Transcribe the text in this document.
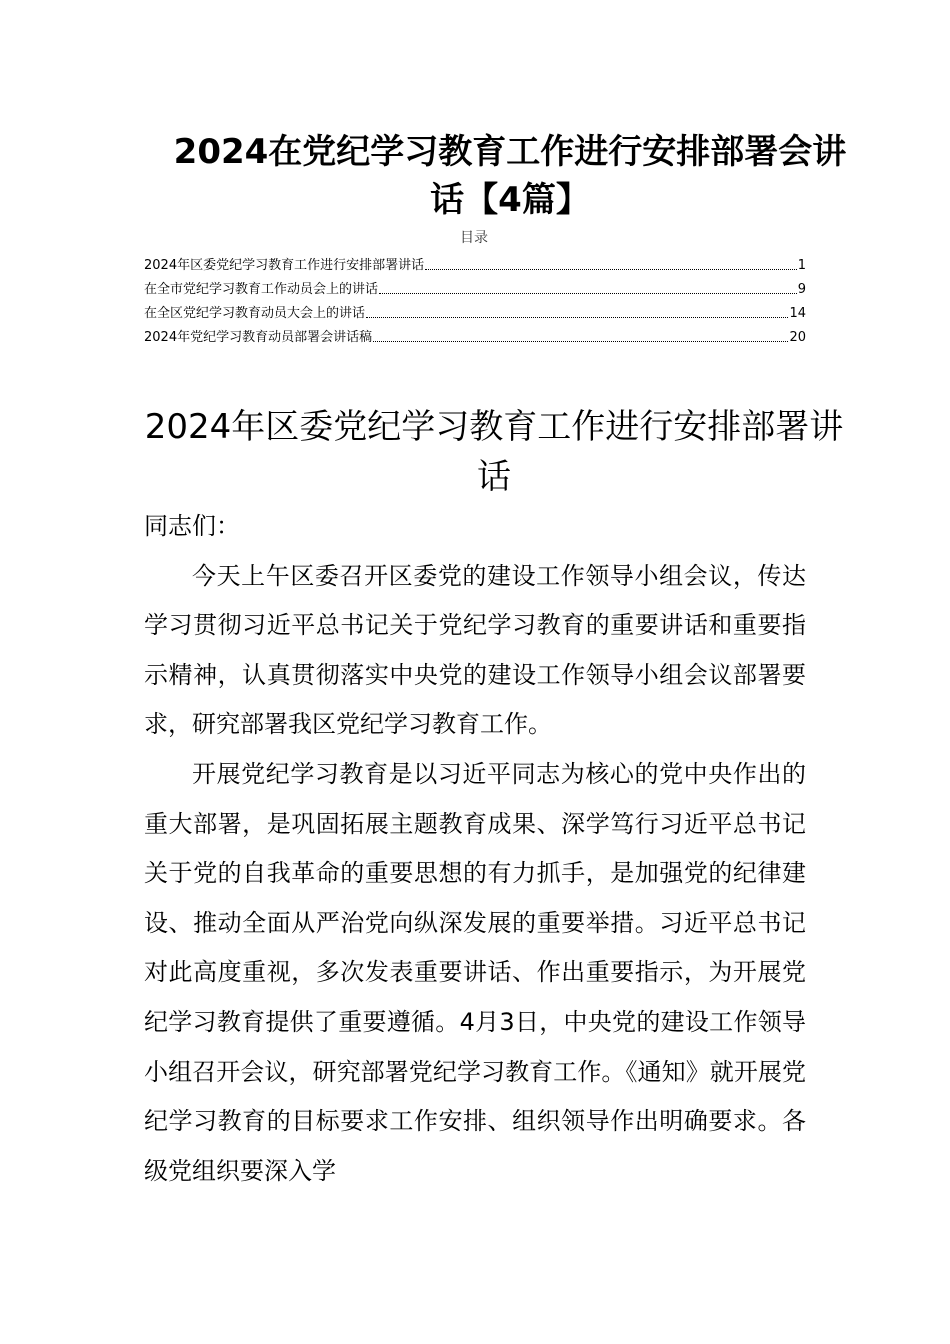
2024在党纪学习教育工作进行安排部署会讲话【4篇】
目录
2024年区委党纪学习教育工作进行安排部署讲话	1
在全市党纪学习教育工作动员会上的讲话	9
在全区党纪学习教育动员大会上的讲话	14
2024年党纪学习教育动员部署会讲话稿	20
2024年区委党纪学习教育工作进行安排部署讲话

同志们：

今天上午区委召开区委党的建设工作领导小组会议，传达学习贯彻习近平总书记关于党纪学习教育的重要讲话和重要指示精神，认真贯彻落实中央党的建设工作领导小组会议部署要求，研究部署我区党纪学习教育工作。

开展党纪学习教育是以习近平同志为核心的党中央作出的重大部署，是巩固拓展主题教育成果、深学笃行习近平总书记关于党的自我革命的重要思想的有力抓手，是加强党的纪律建设、推动全面从严治党向纵深发展的重要举措。习近平总书记对此高度重视，多次发表重要讲话、作出重要指示，为开展党纪学习教育提供了重要遵循。4月3日，中央党的建设工作领导小组召开会议，研究部署党纪学习教育工作。《通知》就开展党纪学习教育的目标要求工作安排、组织领导作出明确要求。各级党组织要深入学
